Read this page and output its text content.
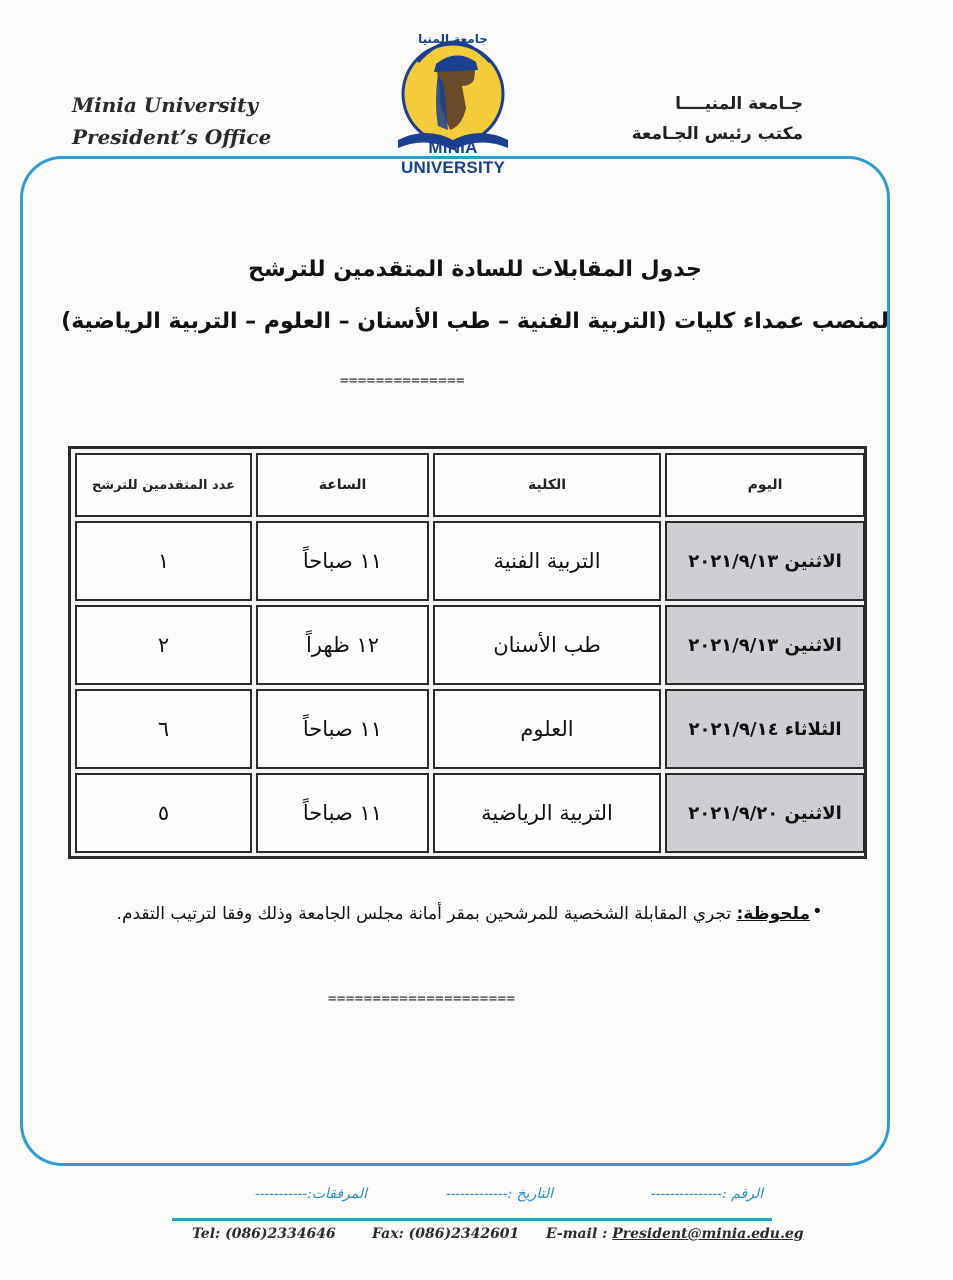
Minia University
President’s Office
جـامعة المنيــــا
مكتب رئيس الجـامعة
جامعة المنيا
MINIA UNIVERSITY
جدول المقابلات للسادة المتقدمين للترشح
لمنصب عمداء كليات (التربية الفنية – طب الأسنان – العلوم – التربية الرياضية)
==============
اليوم
الكلية
الساعة
عدد المتقدمين للترشح
الاثنين ٢٠٢١/٩/١٣
التربية الفنية
١١ صباحاً
١
الاثنين ٢٠٢١/٩/١٣
طب الأسنان
١٢ ظهراً
٢
الثلاثاء ٢٠٢١/٩/١٤
العلوم
١١ صباحاً
٦
الاثنين ٢٠٢١/٩/٢٠
التربية الرياضية
١١ صباحاً
٥
•
ملحوظة: تجري المقابلة الشخصية للمرشحين بمقر أمانة مجلس الجامعة وذلك وفقا لترتيب التقدم.
=====================
الرقم :---------------
التاريخ :-------------
المرفقات:-----------
Tel: (086)2334646	Fax: (086)2342601 E-mail : President@minia.edu.eg
